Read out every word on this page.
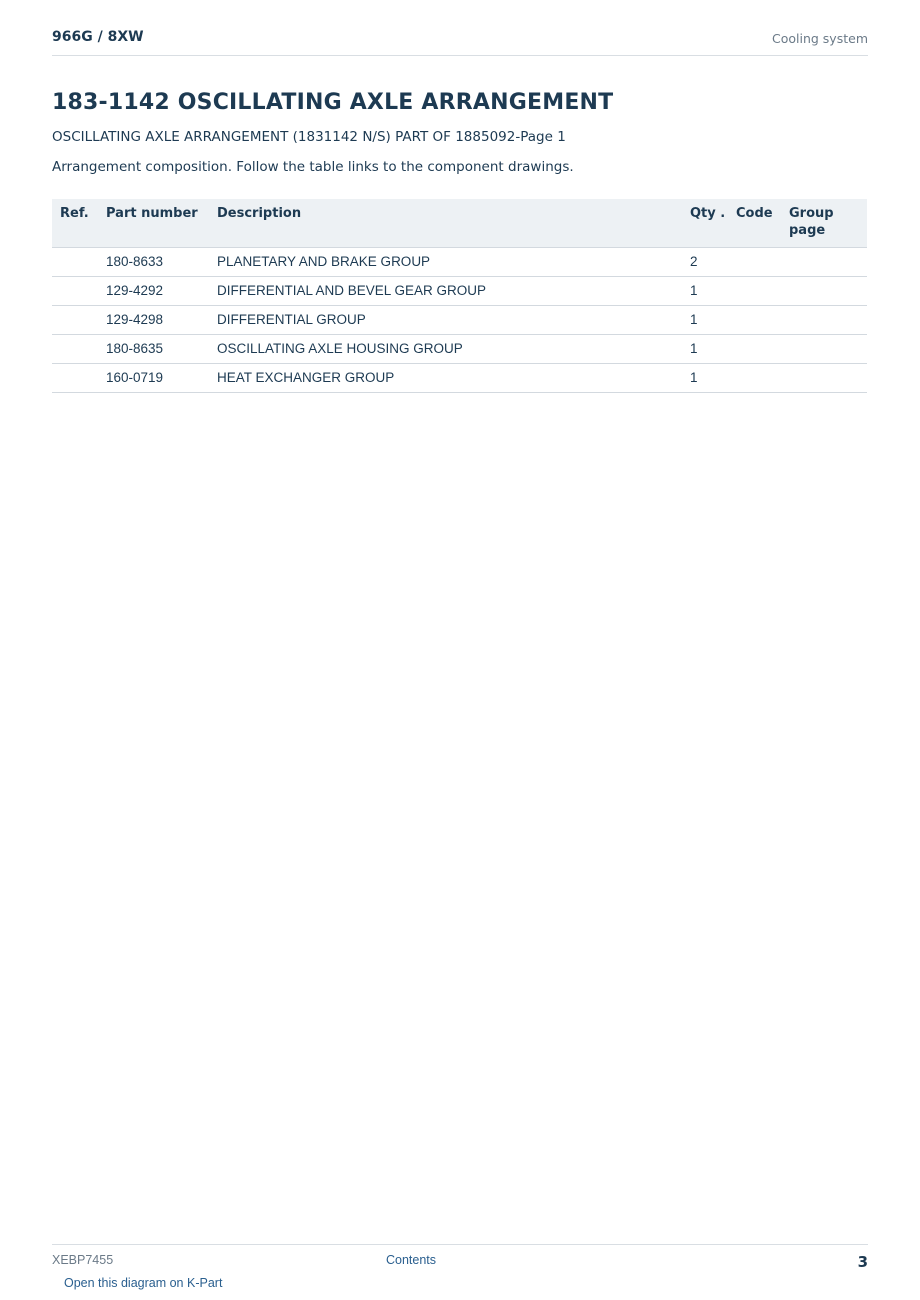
966G / 8XW	Cooling system
183-1142 OSCILLATING AXLE ARRANGEMENT
OSCILLATING AXLE ARRANGEMENT (1831142 N/S) PART OF 1885092-Page 1
Arrangement composition. Follow the table links to the component drawings.
Ref.	Part number	Description	Qty .	Code	Group page
	180-8633	PLANETARY AND BRAKE GROUP	2		
	129-4292	DIFFERENTIAL AND BEVEL GEAR GROUP	1		
	129-4298	DIFFERENTIAL GROUP	1		
	180-8635	OSCILLATING AXLE HOUSING GROUP	1		
	160-0719	HEAT EXCHANGER GROUP	1		
XEBP7455	Contents	3
Open this diagram on K-Part
